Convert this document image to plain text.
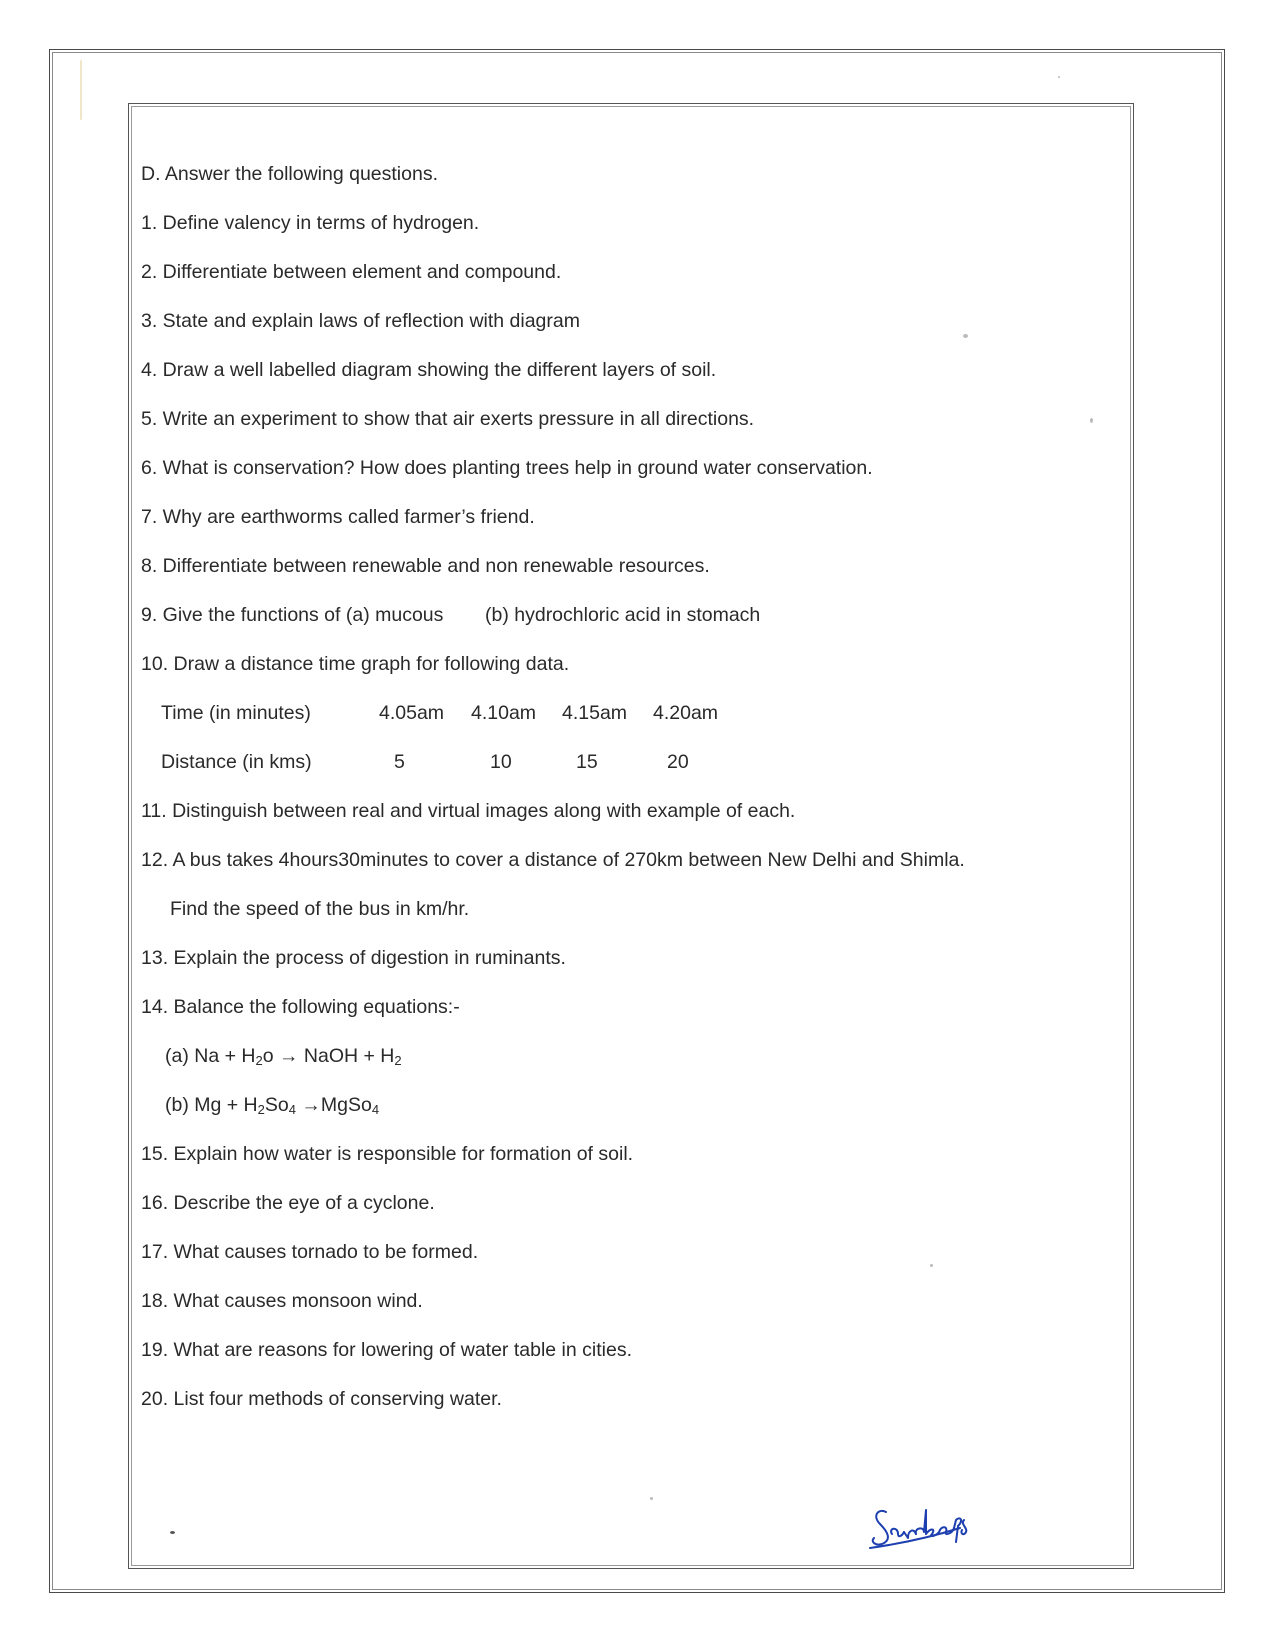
D. Answer the following questions.
1. Define valency in terms of hydrogen.
2. Differentiate between element and compound.
3. State and explain laws of reflection with diagram
4. Draw a well labelled diagram showing the different layers of soil.
5. Write an experiment to show that air exerts pressure in all directions.
6. What is conservation? How does planting trees help in ground water conservation.
7. Why are earthworms called farmer’s friend.
8. Differentiate between renewable and non renewable resources.
9. Give the functions of (a) mucous (b) hydrochloric acid in stomach
10. Draw a distance time graph for following data.
Time (in minutes)	4.05am 4.10am 4.15am 4.20am
Distance (in kms)	5	10	15	20
11. Distinguish between real and virtual images along with example of each.
12. A bus takes 4hours30minutes to cover a distance of 270km between New Delhi and Shimla.
Find the speed of the bus in km/hr.
13. Explain the process of digestion in ruminants.
14. Balance the following equations:-
(a) $Na + H_2o$ → NaOH + $H_2$
(b) $Mg + H_2So_4$ →MgSo$_4$
15. Explain how water is responsible for formation of soil.
16. Describe the eye of a cyclone.
17. What causes tornado to be formed.
18. What causes monsoon wind.
19. What are reasons for lowering of water table in cities.
20. List four methods of conserving water.
